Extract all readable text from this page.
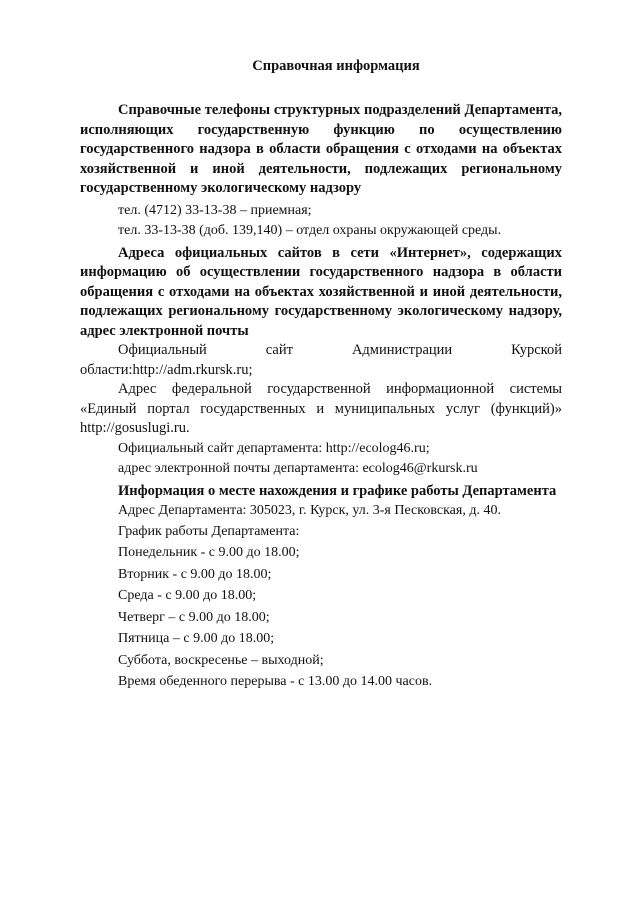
Справочная информация

Справочные телефоны структурных подразделений Департамента, исполняющих государственную функцию по осуществлению государственного надзора в области обращения с отходами на объектах хозяйственной и иной деятельности, подлежащих региональному государственному экологическому надзору

тел. (4712) 33-13-38 – приемная;

тел. 33-13-38 (доб. 139,140) – отдел охраны окружающей среды.

Адреса официальных сайтов в сети «Интернет», содержащих информацию об осуществлении государственного надзора в области обращения с отходами на объектах хозяйственной и иной деятельности, подлежащих региональному государственному экологическому надзору, адрес электронной почты

Официальный сайт Администрации Курской области:http://adm.rkursk.ru;

Адрес федеральной государственной информационной системы «Единый портал государственных и муниципальных услуг (функций)» http://gosuslugi.ru.

Официальный сайт департамента: http://ecolog46.ru;

адрес электронной почты департамента: ecolog46@rkursk.ru

Информация о месте нахождения и графике работы Департамента

Адрес Департамента: 305023, г. Курск, ул. 3-я Песковская, д. 40.

График работы Департамента:

Понедельник - с 9.00 до 18.00;

Вторник - с 9.00 до 18.00;

Среда - с 9.00 до 18.00;

Четверг – с 9.00 до 18.00;

Пятница – с 9.00 до 18.00;

Суббота, воскресенье – выходной;

Время обеденного перерыва - с 13.00 до 14.00 часов.
